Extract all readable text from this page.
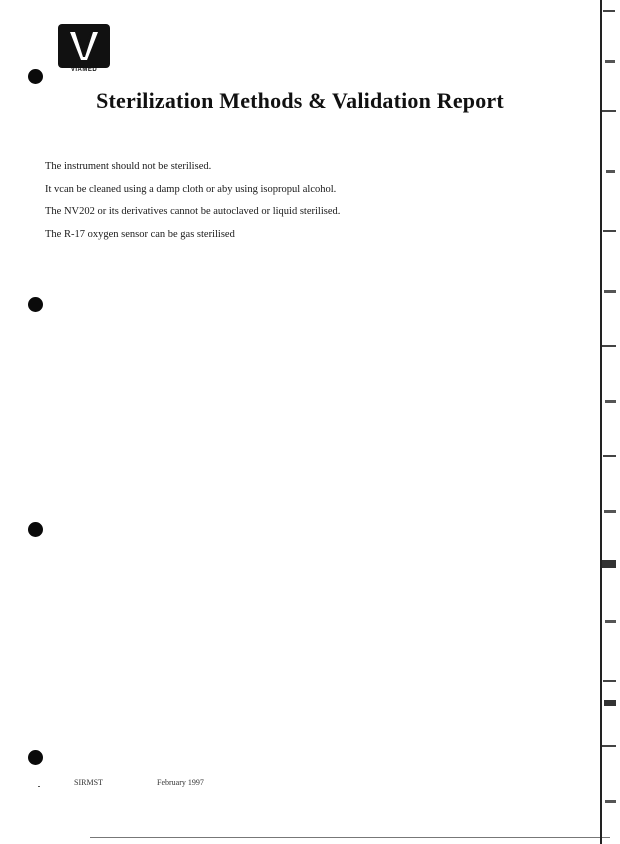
VIAMED
Sterilization Methods & Validation Report

The instrument should not be sterilised.

It vcan be cleaned using a damp cloth or aby using isopropul alcohol.

The NV202 or its derivatives cannot be autoclaved or liquid sterilised.

The R-17 oxygen sensor can be gas sterilised

SIRMST	February 1997
